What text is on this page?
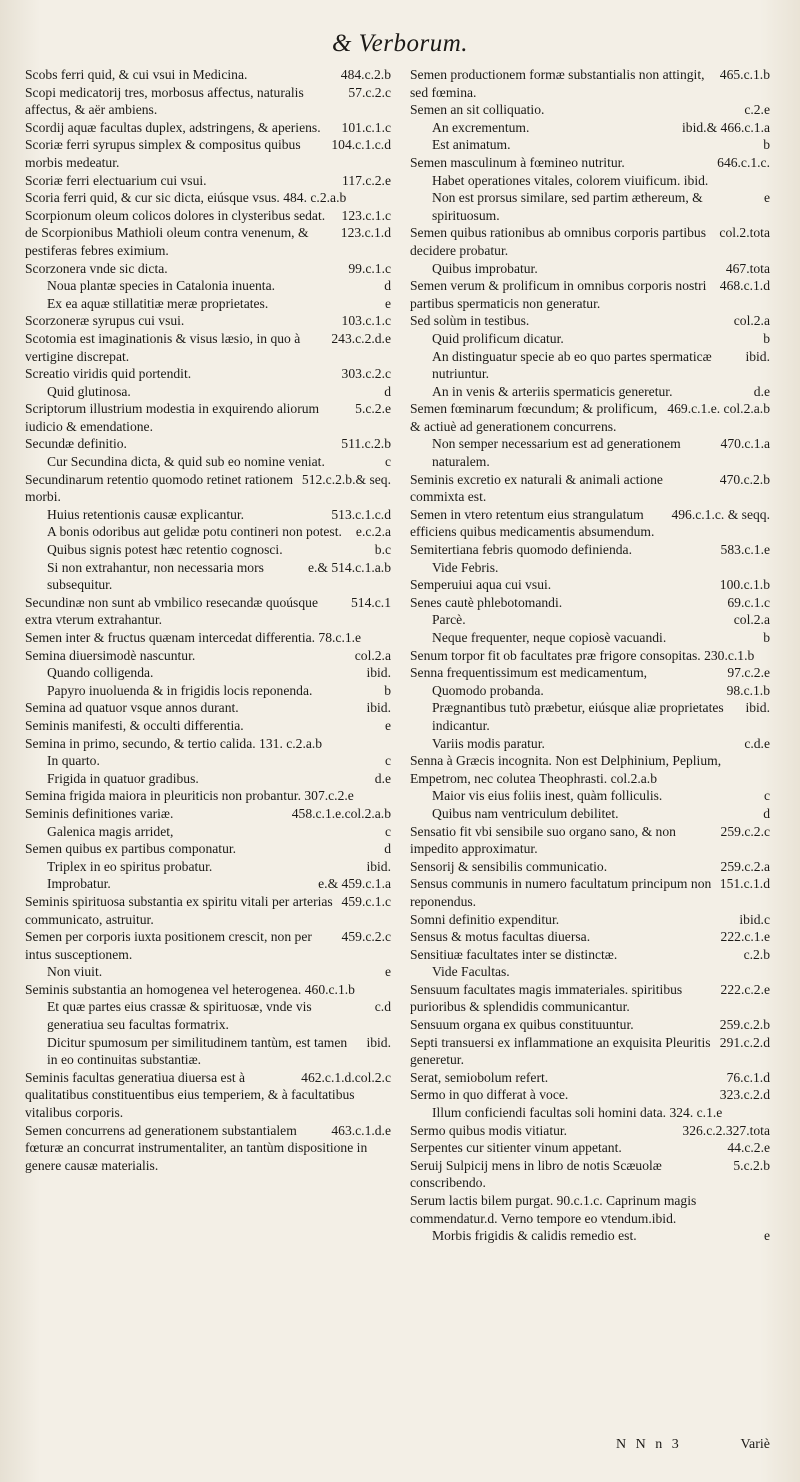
& Verborum.

484.c.2.b
Scobs ferri quid, & cui vsui in Medicina.

57.c.2.c
Scopi medicatorij tres, morbosus affectus, naturalis affectus, & aër ambiens.

101.c.1.c
Scordij aquæ facultas duplex, adstringens, & aperiens.

104.c.1.c.d
Scoriæ ferri syrupus simplex & compositus quibus morbis medeatur.

117.c.2.e
Scoriæ ferri electuarium cui vsui.

Scoria ferri quid, & cur sic dicta, eiúsque vsus. 484. c.2.a.b

123.c.1.c
Scorpionum oleum colicos dolores in clysteribus sedat.

123.c.1.d
de Scorpionibus Mathioli oleum contra venenum, & pestiferas febres eximium.

99.c.1.c
Scorzonera vnde sic dicta.

d
Noua plantæ species in Catalonia inuenta.

e
Ex ea aquæ stillatitiæ meræ proprietates.

103.c.1.c
Scorzoneræ syrupus cui vsui.

243.c.2.d.e
Scotomia est imaginationis & visus læsio, in quo à vertigine discrepat.

303.c.2.c
Screatio viridis quid portendit.

d
Quid glutinosa.

5.c.2.e
Scriptorum illustrium modestia in exquirendo aliorum iudicio & emendatione.

511.c.2.b
Secundæ definitio.

c
Cur Secundina dicta, & quid sub eo nomine veniat.

512.c.2.b.& seq.
Secundinarum retentio quomodo retinet rationem morbi.

513.c.1.c.d
Huius retentionis causæ explicantur.

e.c.2.a
A bonis odoribus aut gelidæ potu contineri non potest.

b.c
Quibus signis potest hæc retentio cognosci.

e.& 514.c.1.a.b
Si non extrahantur, non necessaria mors subsequitur.

514.c.1
Secundinæ non sunt ab vmbilico resecandæ quoúsque extra vterum extrahantur.

Semen inter & fructus quænam intercedat differentia. 78.c.1.e

col.2.a
Semina diuersimodè nascuntur.

ibid.
Quando colligenda.

b
Papyro inuoluenda & in frigidis locis reponenda.

ibid.
Semina ad quatuor vsque annos durant.

e
Seminis manifesti, & occulti differentia.

Semina in primo, secundo, & tertio calida. 131. c.2.a.b

c
In quarto.

d.e
Frigida in quatuor gradibus.

Semina frigida maiora in pleuriticis non probantur. 307.c.2.e

458.c.1.e.col.2.a.b
Seminis definitiones variæ.

c
Galenica magis arridet,

d
Semen quibus ex partibus componatur.

ibid.
Triplex in eo spiritus probatur.

e.& 459.c.1.a
Improbatur.

459.c.1.c
Seminis spirituosa substantia ex spiritu vitali per arterias communicato, astruitur.

459.c.2.c
Semen per corporis iuxta positionem crescit, non per intus susceptionem.

e
Non viuit.

Seminis substantia an homogenea vel heterogenea. 460.c.1.b

c.d
Et quæ partes eius crassæ & spirituosæ, vnde vis generatiua seu facultas formatrix.

ibid.
Dicitur spumosum per similitudinem tantùm, est tamen in eo continuitas substantiæ.

462.c.1.d.col.2.c
Seminis facultas generatiua diuersa est à qualitatibus constituentibus eius temperiem, & à facultatibus vitalibus corporis.

463.c.1.d.e
Semen concurrens ad generationem substantialem fœturæ an concurrat instrumentaliter, an tantùm dispositione in genere causæ materialis.

465.c.1.b
Semen productionem formæ substantialis non attingit, sed fœmina.

c.2.e
Semen an sit colliquatio.

ibid.& 466.c.1.a
An excrementum.

b
Est animatum.

646.c.1.c.
Semen masculinum à fœmineo nutritur.

Habet operationes vitales, colorem viuificum. ibid.

e
Non est prorsus similare, sed partim æthereum, & spirituosum.

col.2.tota
Semen quibus rationibus ab omnibus corporis partibus decidere probatur.

467.tota
Quibus improbatur.

468.c.1.d
Semen verum & prolificum in omnibus corporis nostri partibus spermaticis non generatur.

col.2.a
Sed solùm in testibus.

b
Quid prolificum dicatur.

ibid.
An distinguatur specie ab eo quo partes spermaticæ nutriuntur.

d.e
An in venis & arteriis spermaticis generetur.

469.c.1.e. col.2.a.b
Semen fœminarum fœcundum; & prolificum, & actiuè ad generationem concurrens.

470.c.1.a
Non semper necessarium est ad generationem naturalem.

470.c.2.b
Seminis excretio ex naturali & animali actione commixta est.

496.c.1.c. & seqq.
Semen in vtero retentum eius strangulatum efficiens quibus medicamentis absumendum.

583.c.1.e
Semitertiana febris quomodo definienda.

Vide Febris.

100.c.1.b
Semperuiui aqua cui vsui.

69.c.1.c
Senes cautè phlebotomandi.

col.2.a
Parcè.

b
Neque frequenter, neque copiosè vacuandi.

Senum torpor fit ob facultates præ frigore consopitas. 230.c.1.b

97.c.2.e
Senna frequentissimum est medicamentum,

98.c.1.b
Quomodo probanda.

ibid.
Prægnantibus tutò præbetur, eiúsque aliæ proprietates indicantur.

c.d.e
Variis modis paratur.

Senna à Græcis incognita. Non est Delphinium, Peplium, Empetrom, nec colutea Theophrasti. col.2.a.b

c
Maior vis eius foliis inest, quàm folliculis.

d
Quibus nam ventriculum debilitet.

259.c.2.c
Sensatio fit vbi sensibile suo organo sano, & non impedito approximatur.

259.c.2.a
Sensorij & sensibilis communicatio.

151.c.1.d
Sensus communis in numero facultatum principum non reponendus.

ibid.c
Somni definitio expenditur.

222.c.1.e
Sensus & motus facultas diuersa.

c.2.b
Sensitiuæ facultates inter se distinctæ.

Vide Facultas.

222.c.2.e
Sensuum facultates magis immateriales. spiritibus purioribus & splendidis communicantur.

259.c.2.b
Sensuum organa ex quibus constituuntur.

291.c.2.d
Septi transuersi ex inflammatione an exquisita Pleuritis generetur.

76.c.1.d
Serat, semiobolum refert.

323.c.2.d
Sermo in quo differat à voce.

Illum conficiendi facultas soli homini data. 324. c.1.e

326.c.2.327.tota
Sermo quibus modis vitiatur.

44.c.2.e
Serpentes cur sitienter vinum appetant.

5.c.2.b
Seruij Sulpicij mens in libro de notis Scæuolæ conscribendo.

Serum lactis bilem purgat. 90.c.1.c. Caprinum magis commendatur.d. Verno tempore eo vtendum.ibid.

e
Morbis frigidis & calidis remedio est.

N N n 3	Variè
